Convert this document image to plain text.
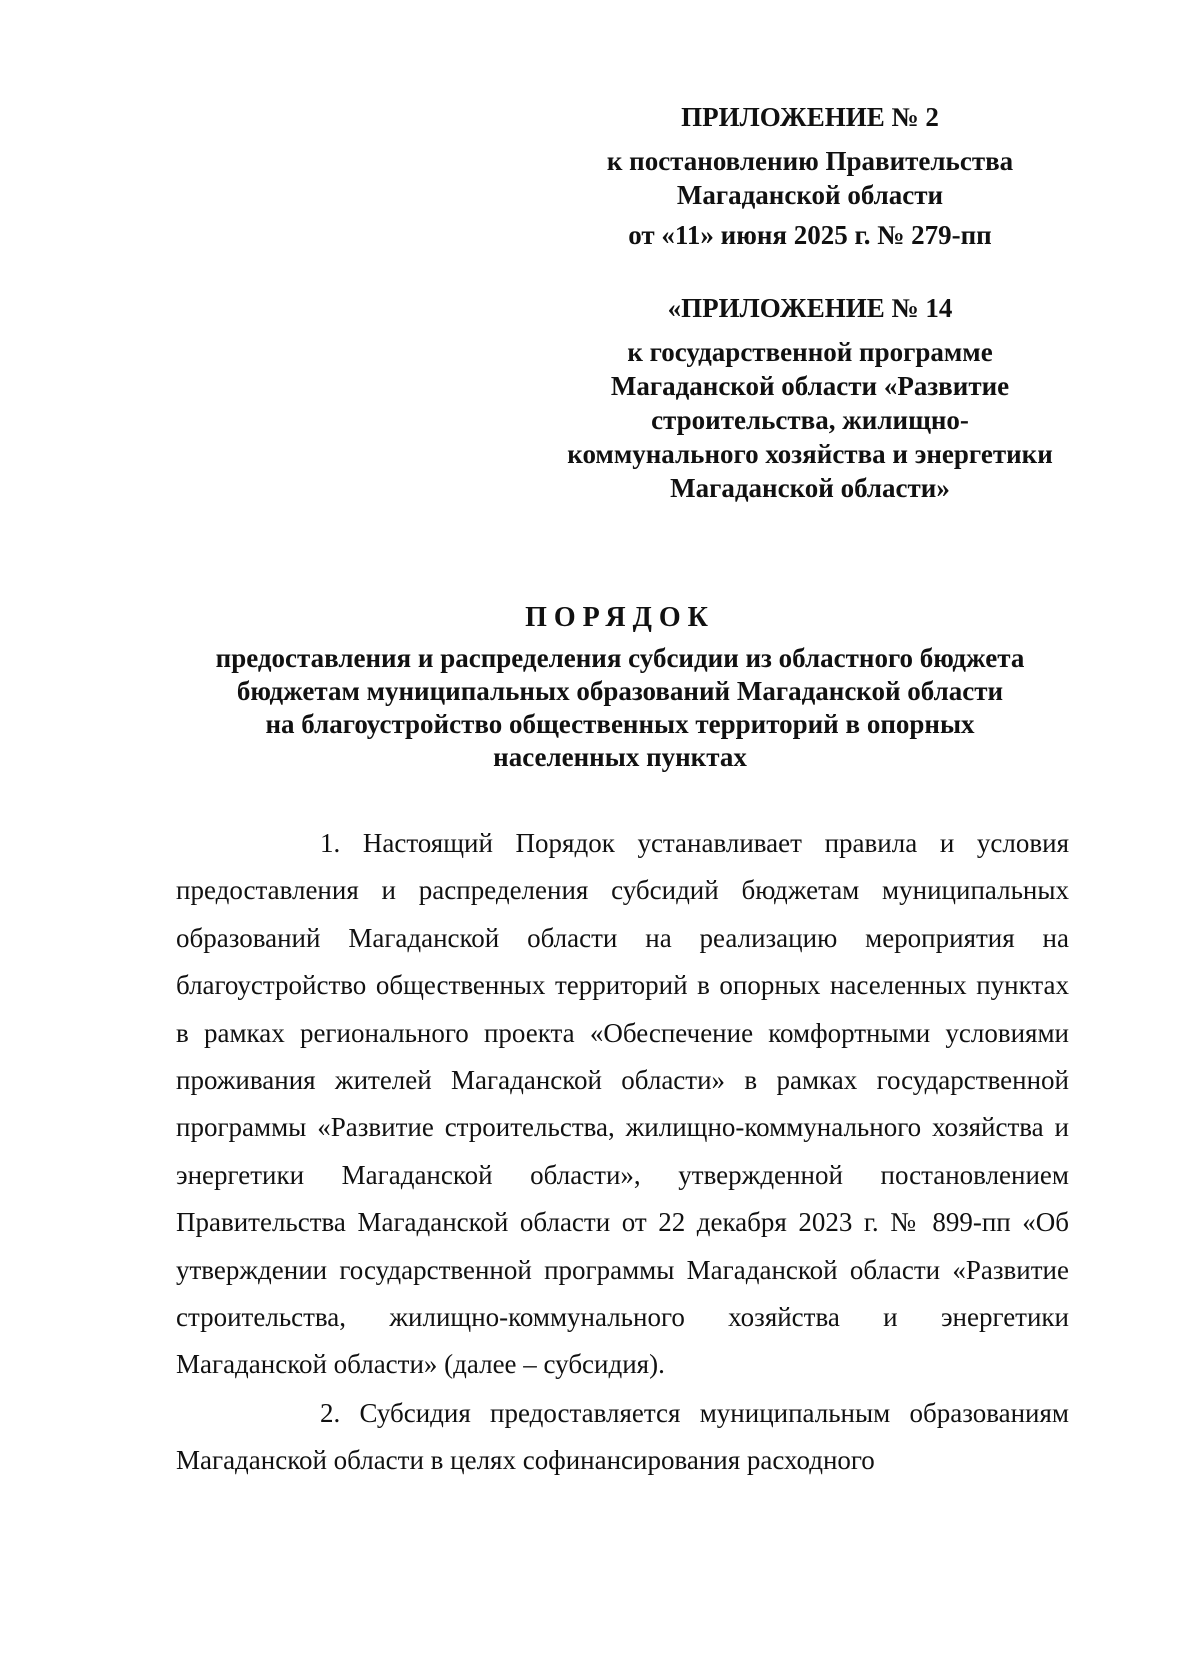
ПРИЛОЖЕНИЕ № 2
к постановлению Правительства
Магаданской области
от «11» июня 2025 г. № 279-пп
«ПРИЛОЖЕНИЕ № 14
к государственной программе
Магаданской области «Развитие
строительства, жилищно-
коммунального хозяйства и энергетики
Магаданской области»
ПОРЯДОК
предоставления и распределения субсидии из областного бюджета
бюджетам муниципальных образований Магаданской области
на благоустройство общественных территорий в опорных
населенных пунктах

1. Настоящий Порядок устанавливает правила и условия предоставления и распределения субсидий бюджетам муниципальных образований Магаданской области на реализацию мероприятия на благоустройство общественных территорий в опорных населенных пунктах в рамках регионального проекта «Обеспечение комфортными условиями проживания жителей Магаданской области» в рамках государственной программы «Развитие строительства, жилищно-коммунального хозяйства и энергетики Магаданской области», утвержденной постановлением Правительства Магаданской области от 22 декабря 2023 г. № 899-пп «Об утверждении государственной программы Магаданской области «Развитие строительства, жилищно-коммунального хозяйства и энергетики Магаданской области» (далее – субсидия).

2. Субсидия предоставляется муниципальным образованиям Магаданской области в целях софинансирования расходного
